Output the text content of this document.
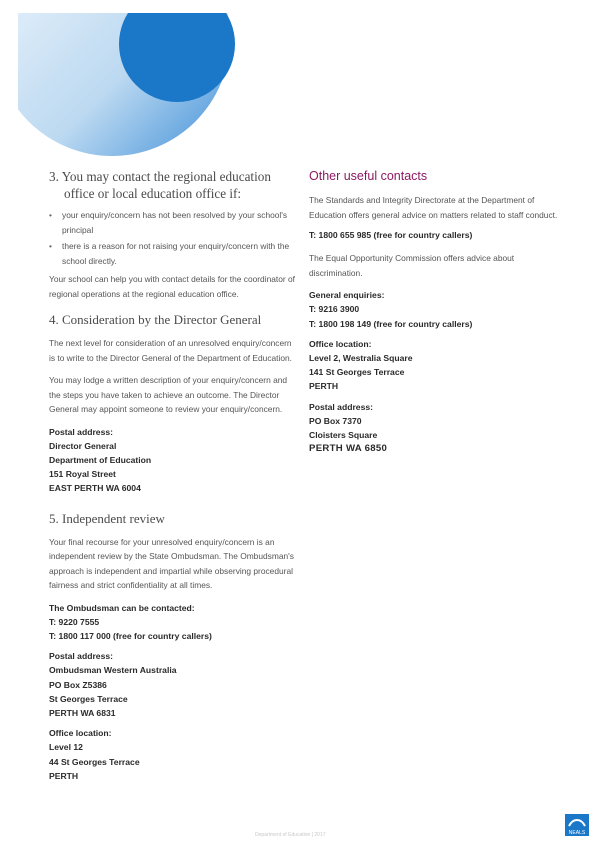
3. You may contact the regional education
office or local education office if:
• your enquiry/concern has not been resolved by your school's principal
• there is a reason for not raising your enquiry/concern with the school directly.

Your school can help you with contact details for the coordinator of regional operations at the regional education office.

4. Consideration by the Director General

The next level for consideration of an unresolved enquiry/concern is to write to the Director General of the Department of Education.

You may lodge a written description of your enquiry/concern and the steps you have taken to achieve an outcome. The Director General may appoint someone to review your enquiry/concern.

Postal address:
Director General
Department of Education
151 Royal Street
EAST PERTH WA 6004
5. Independent review

Your final recourse for your unresolved enquiry/concern is an independent review by the State Ombudsman. The Ombudsman's approach is independent and impartial while observing procedural fairness and strict confidentiality at all times.

The Ombudsman can be contacted:
T: 9220 7555
T: 1800 117 000 (free for country callers)
Postal address:
Ombudsman Western Australia
PO Box Z5386
St Georges Terrace
PERTH WA 6831
Office location:
Level 12
44 St Georges Terrace
PERTH
Other useful contacts

The Standards and Integrity Directorate at the Department of Education offers general advice on matters related to staff conduct.

T: 1800 655 985 (free for country callers)

The Equal Opportunity Commission offers advice about discrimination.

General enquiries:
T: 9216 3900
T: 1800 198 149 (free for country callers)
Office location:
Level 2, Westralia Square
141 St Georges Terrace
PERTH
Postal address:
PO Box 7370
Cloisters Square
PERTH WA 6850
Department of Education | 2017	NEALS
